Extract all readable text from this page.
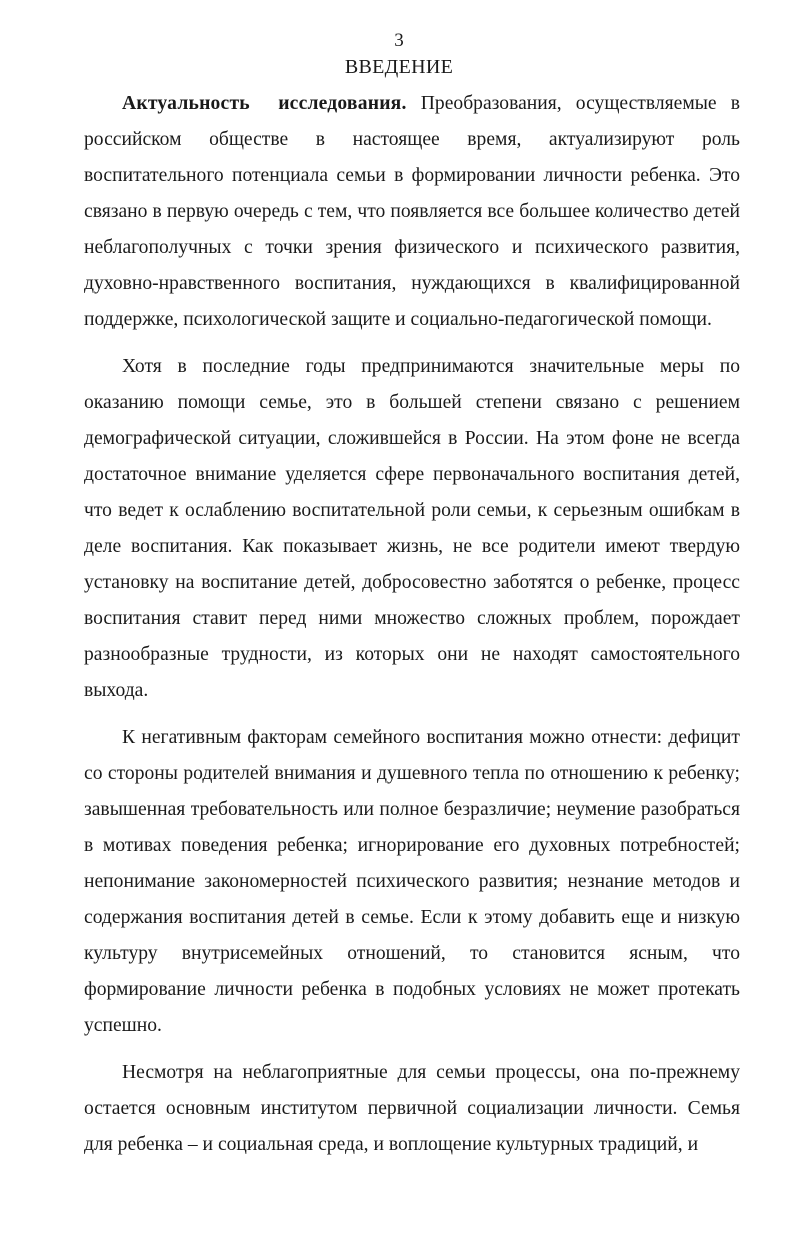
3
ВВЕДЕНИЕ

Актуальность исследования. Преобразования, осуществляемые в российском обществе в настоящее время, актуализируют роль воспитательного потенциала семьи в формировании личности ребенка. Это связано в первую очередь с тем, что появляется все большее количество детей неблагополучных с точки зрения физического и психического развития, духовно-нравственного воспитания, нуждающихся в квалифицированной поддержке, психологической защите и социально-педагогической помощи.

Хотя в последние годы предпринимаются значительные меры по оказанию помощи семье, это в большей степени связано с решением демографической ситуации, сложившейся в России. На этом фоне не всегда достаточное внимание уделяется сфере первоначального воспитания детей, что ведет к ослаблению воспитательной роли семьи, к серьезным ошибкам в деле воспитания. Как показывает жизнь, не все родители имеют твердую установку на воспитание детей, добросовестно заботятся о ребенке, процесс воспитания ставит перед ними множество сложных проблем, порождает разнообразные трудности, из которых они не находят самостоятельного выхода.

К негативным факторам семейного воспитания можно отнести: дефицит со стороны родителей внимания и душевного тепла по отношению к ребенку; завышенная требовательность или полное безразличие; неумение разобраться в мотивах поведения ребенка; игнорирование его духовных потребностей; непонимание закономерностей психического развития; незнание методов и содержания воспитания детей в семье. Если к этому добавить еще и низкую культуру внутрисемейных отношений, то становится ясным, что формирование личности ребенка в подобных условиях не может протекать успешно.

Несмотря на неблагоприятные для семьи процессы, она по-прежнему остается основным институтом первичной социализации личности. Семья для ребенка – и социальная среда, и воплощение культурных традиций, и
